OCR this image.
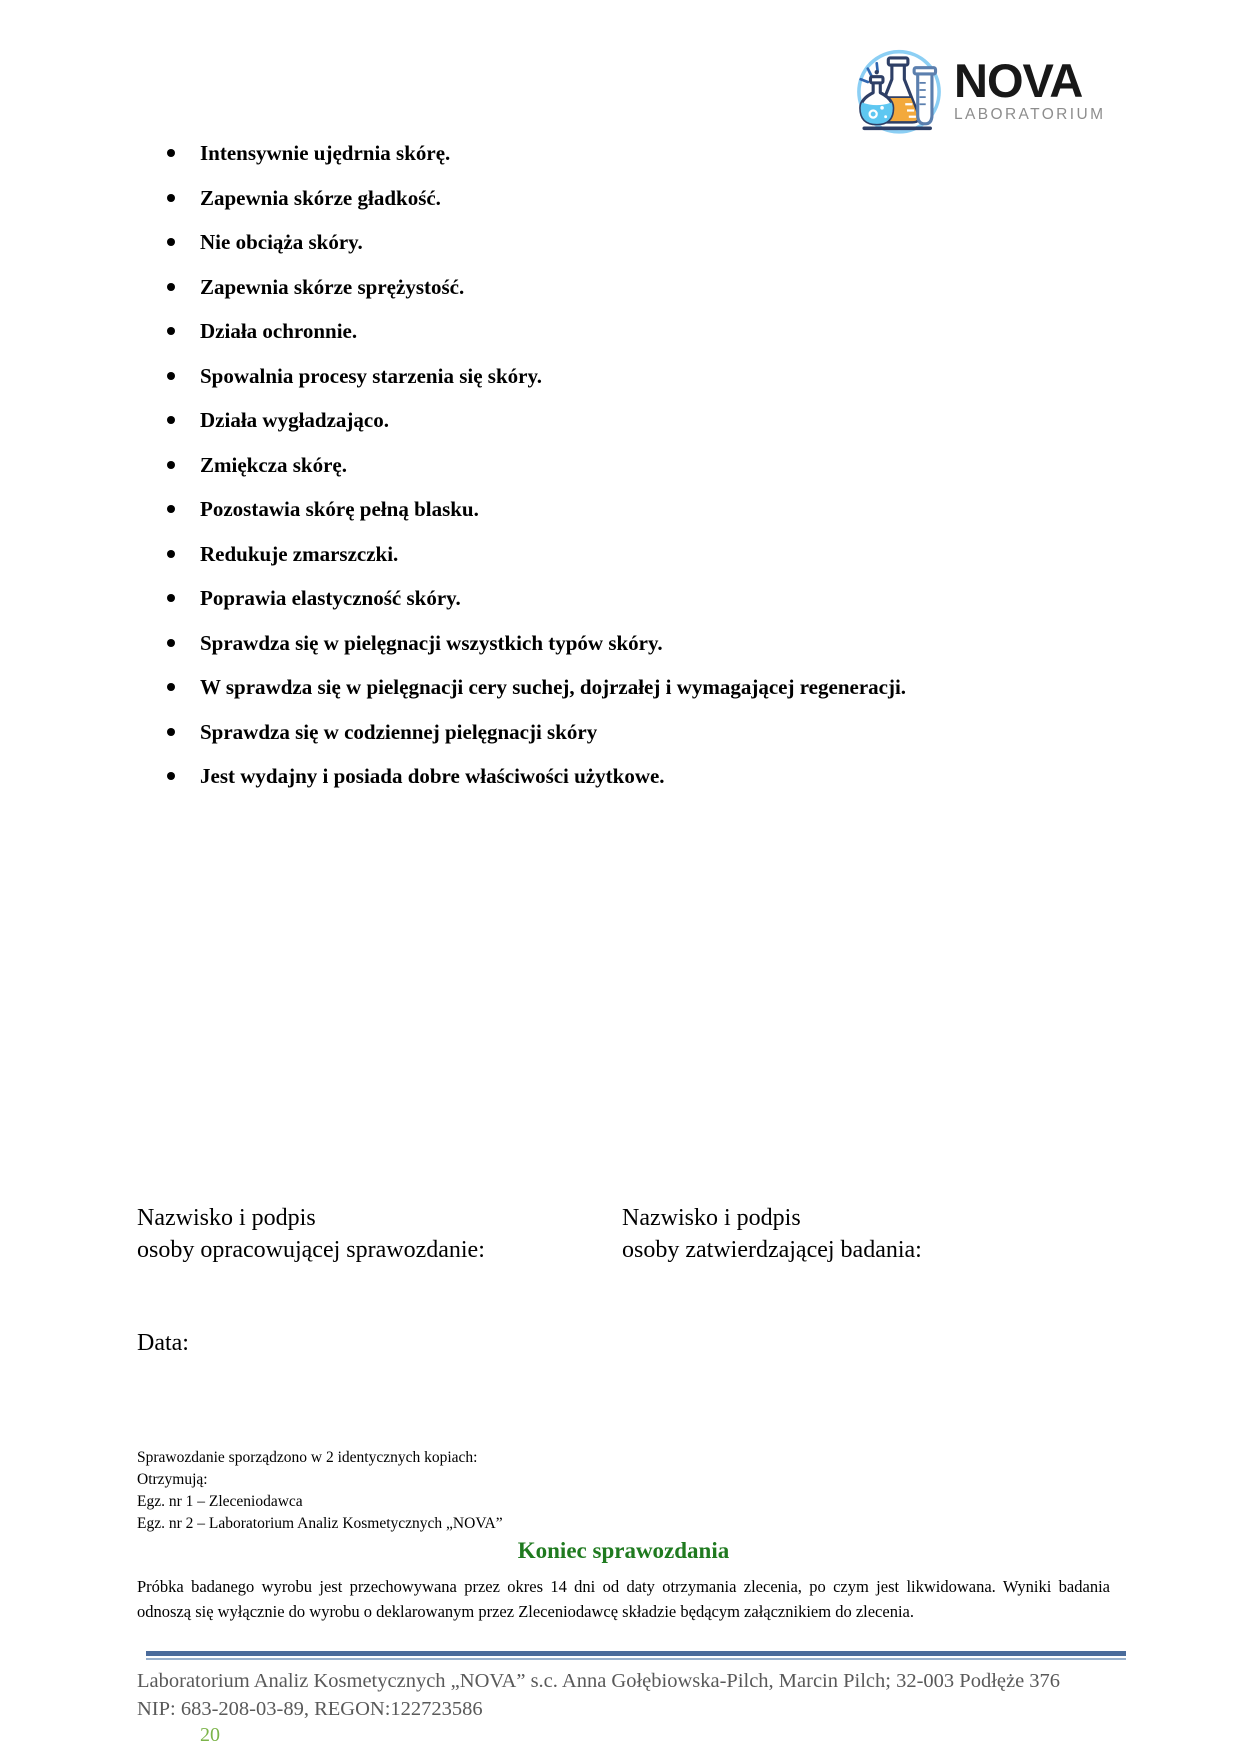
NOVA
LABORATORIUM
Intensywnie ujędrnia skórę.
Zapewnia skórze gładkość.
Nie obciąża skóry.
Zapewnia skórze sprężystość.
Działa ochronnie.
Spowalnia procesy starzenia się skóry.
Działa wygładzająco.
Zmiękcza skórę.
Pozostawia skórę pełną blasku.
Redukuje zmarszczki.
Poprawia elastyczność skóry.
Sprawdza się w pielęgnacji wszystkich typów skóry.
W sprawdza się w pielęgnacji cery suchej, dojrzałej i wymagającej regeneracji.
Sprawdza się w codziennej pielęgnacji skóry
Jest wydajny i posiada dobre właściwości użytkowe.
Nazwisko i podpis
osoby opracowującej sprawozdanie:
Nazwisko i podpis
osoby zatwierdzającej badania:
Data:
Sprawozdanie sporządzono w 2 identycznych kopiach:
Otrzymują:
Egz. nr 1 – Zleceniodawca
Egz. nr 2 – Laboratorium Analiz Kosmetycznych „NOVA”
Koniec sprawozdania

Próbka badanego wyrobu jest przechowywana przez okres 14 dni od daty otrzymania zlecenia, po czym jest likwidowana. Wyniki badania odnoszą się wyłącznie do wyrobu o deklarowanym przez Zleceniodawcę składzie będącym załącznikiem do zlecenia.

Laboratorium Analiz Kosmetycznych „NOVA” s.c. Anna Gołębiowska-Pilch, Marcin Pilch; 32-003 Podłęże 376
NIP: 683-208-03-89, REGON:122723586
20
